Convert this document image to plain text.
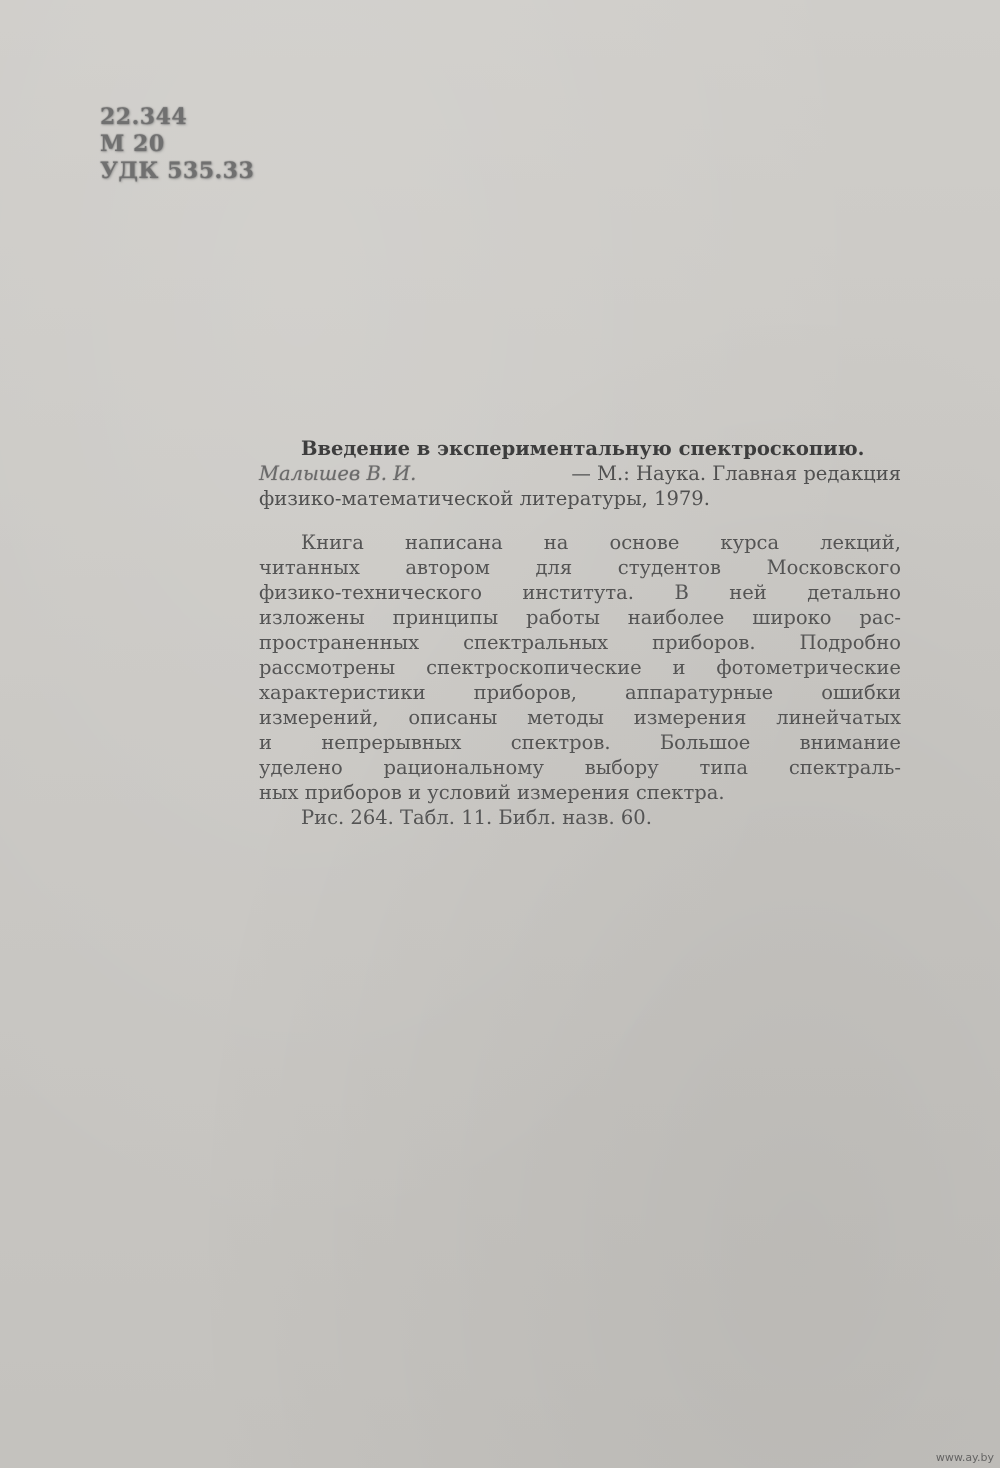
22.344
М 20
УДК 535.33
Введение в экспериментальную спектроскопию.
Малышев В. И.	— М.: Наука. Главная редакция
физико-математической литературы, 1979.
Книга написана на основе курса лекций,
читанных автором для студентов Московского
физико-технического института. В ней детально
изложены принципы работы наиболее широко рас-
пространенных спектральных приборов. Подробно
рассмотрены спектроскопические и фотометрические
характеристики приборов, аппаратурные ошибки
измерений, описаны методы измерения линейчатых
и	непрерывных	спектров.	Большое	внимание
уделено рациональному выбору типа спектраль-
ных приборов и условий измерения спектра.
Рис. 264. Табл. 11. Библ. назв. 60.
www.ay.by
